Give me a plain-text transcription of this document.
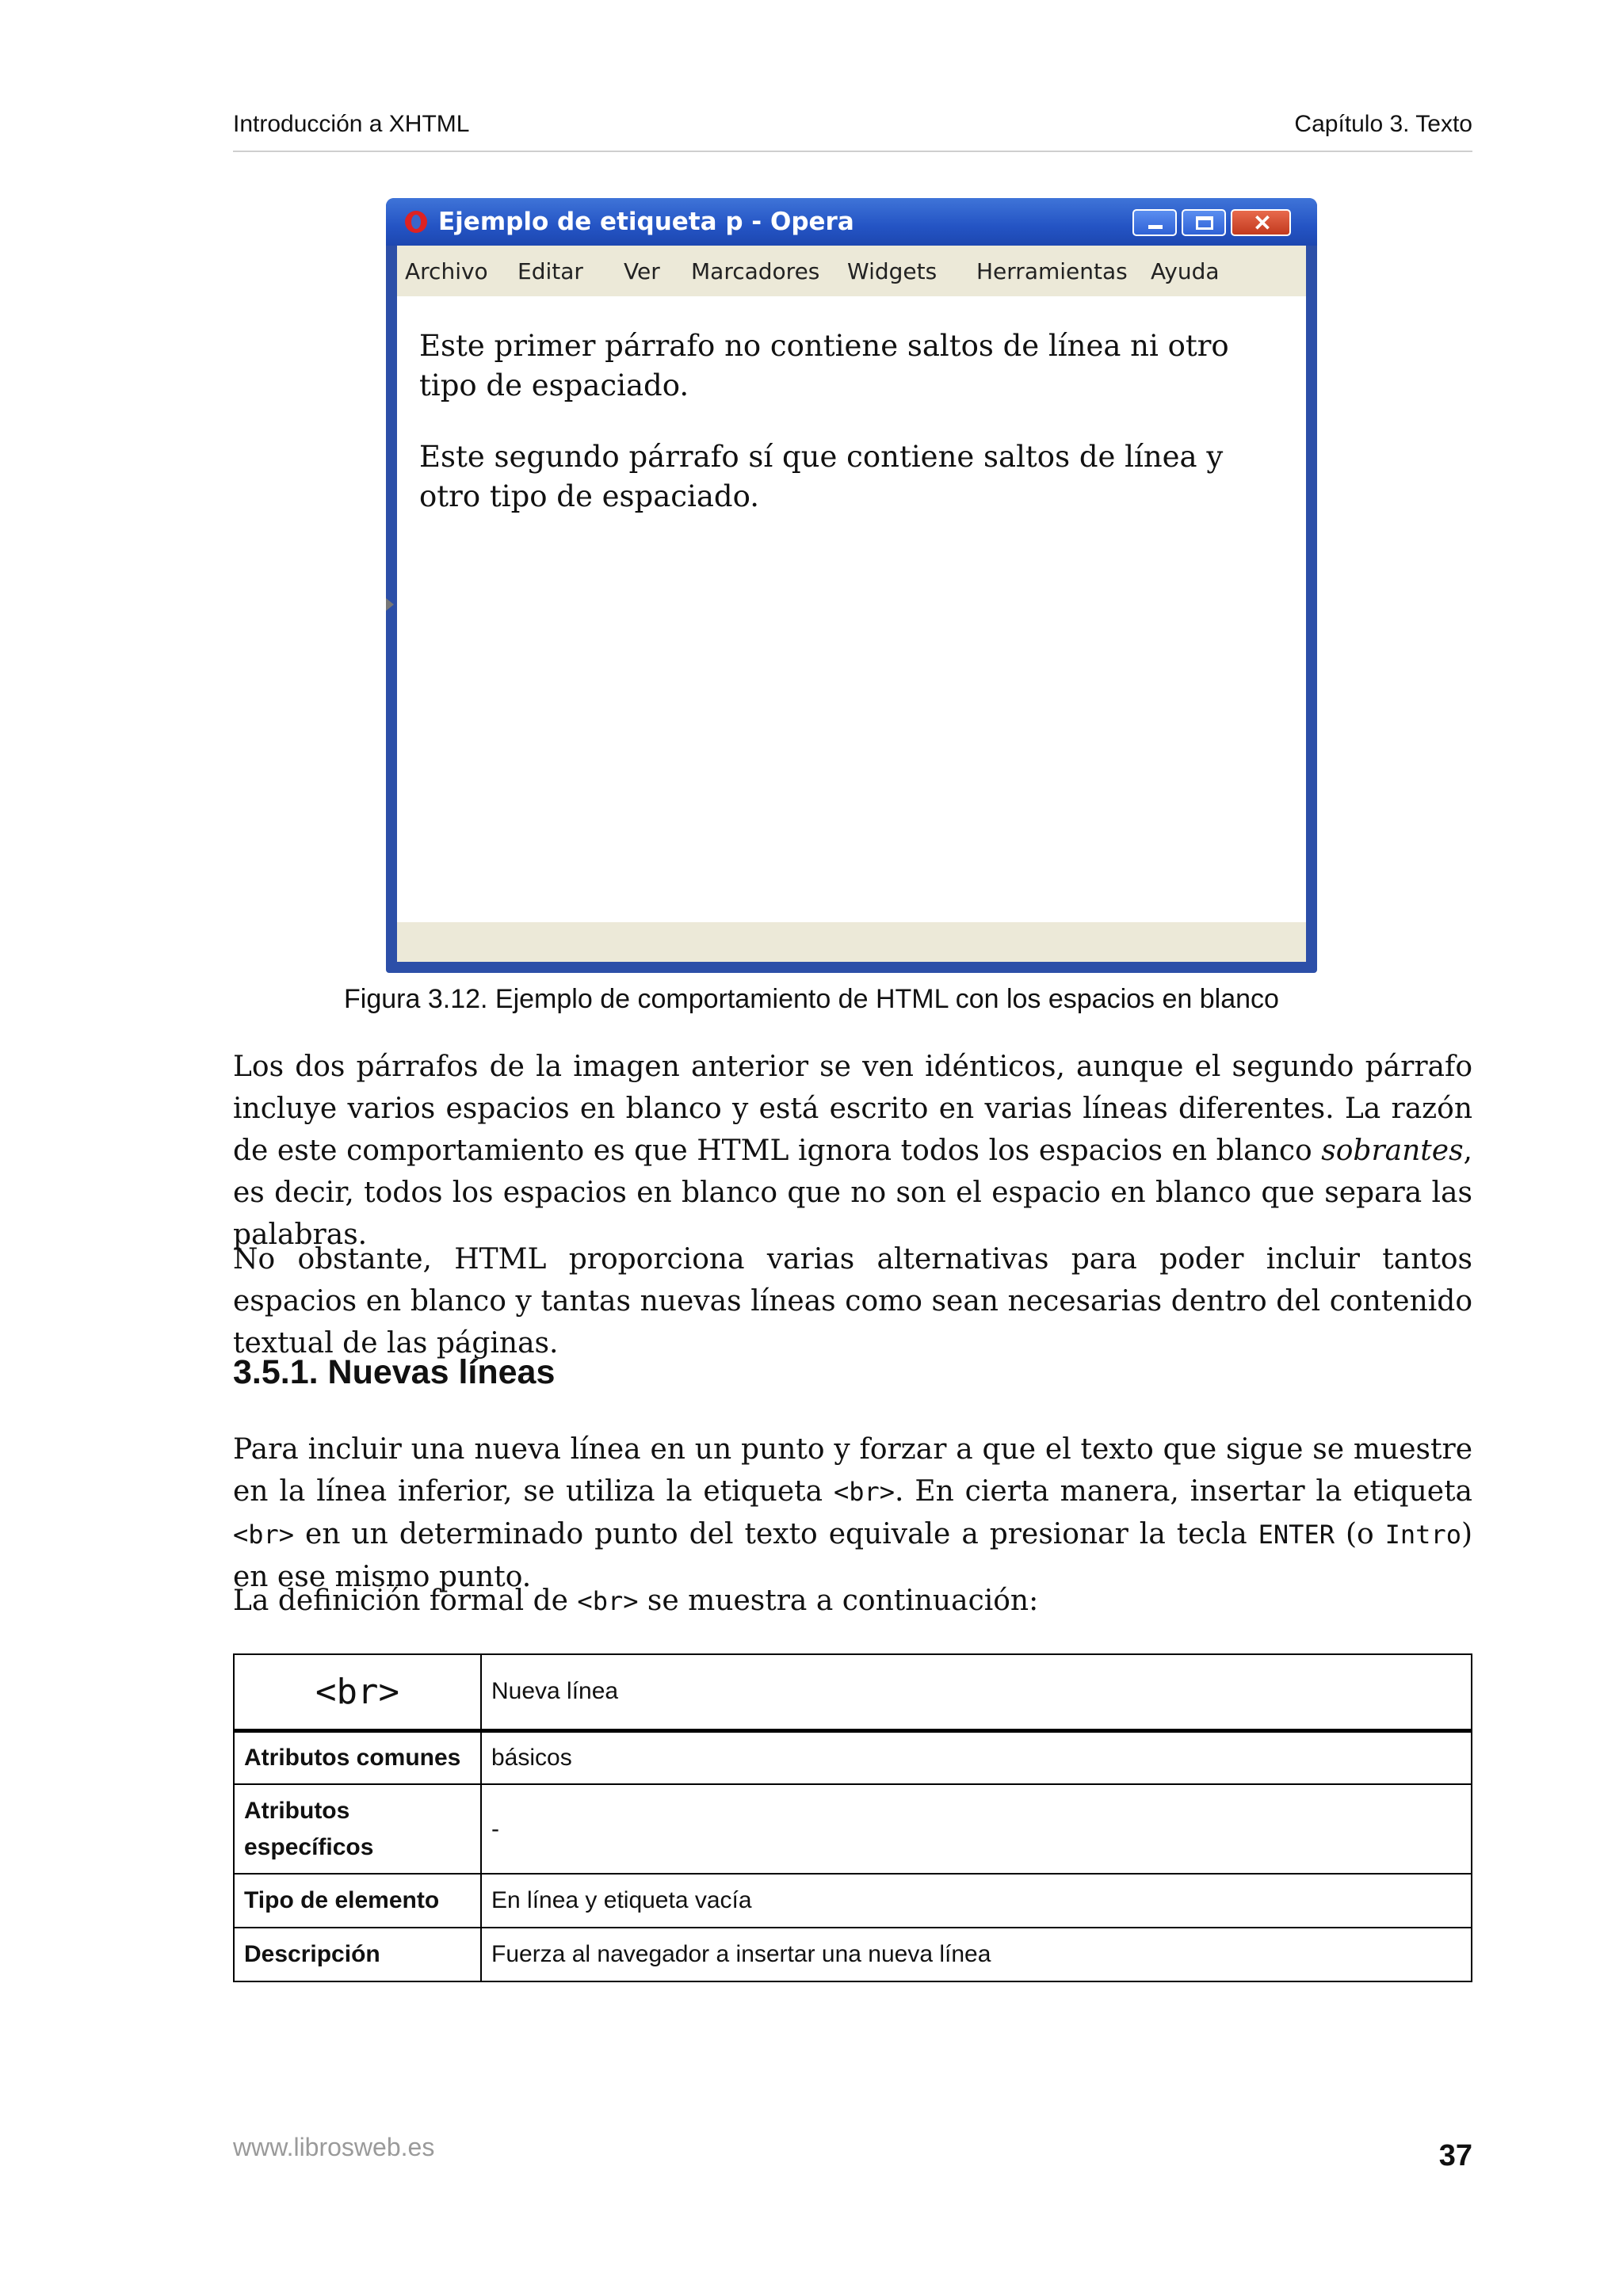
Introducción a XHTML	Capítulo 3. Texto
Ejemplo de etiqueta p - Opera	✕
Archivo Editar Ver Marcadores Widgets Herramientas Ayuda
Este primer párrafo no contiene saltos de línea ni otro tipo de espaciado.
Este segundo párrafo sí que contiene saltos de línea y otro tipo de espaciado.
Figura 3.12. Ejemplo de comportamiento de HTML con los espacios en blanco
Los dos párrafos de la imagen anterior se ven idénticos, aunque el segundo párrafo incluye varios espacios en blanco y está escrito en varias líneas diferentes. La razón de este comportamiento es que HTML ignora todos los espacios en blanco sobrantes, es decir, todos los espacios en blanco que no son el espacio en blanco que separa las palabras.
No obstante, HTML proporciona varias alternativas para poder incluir tantos espacios en blanco y tantas nuevas líneas como sean necesarias dentro del contenido textual de las páginas.
3.5.1. Nuevas líneas
Para incluir una nueva línea en un punto y forzar a que el texto que sigue se muestre en la línea inferior, se utiliza la etiqueta <br>. En cierta manera, insertar la etiqueta <br> en un determinado punto del texto equivale a presionar la tecla ENTER (o Intro) en ese mismo punto.
La definición formal de <br> se muestra a continuación:
<br>	Nueva línea
Atributos comunes	básicos
Atributos específicos	-
Tipo de elemento	En línea y etiqueta vacía
Descripción	Fuerza al navegador a insertar una nueva línea
www.librosweb.es	37
